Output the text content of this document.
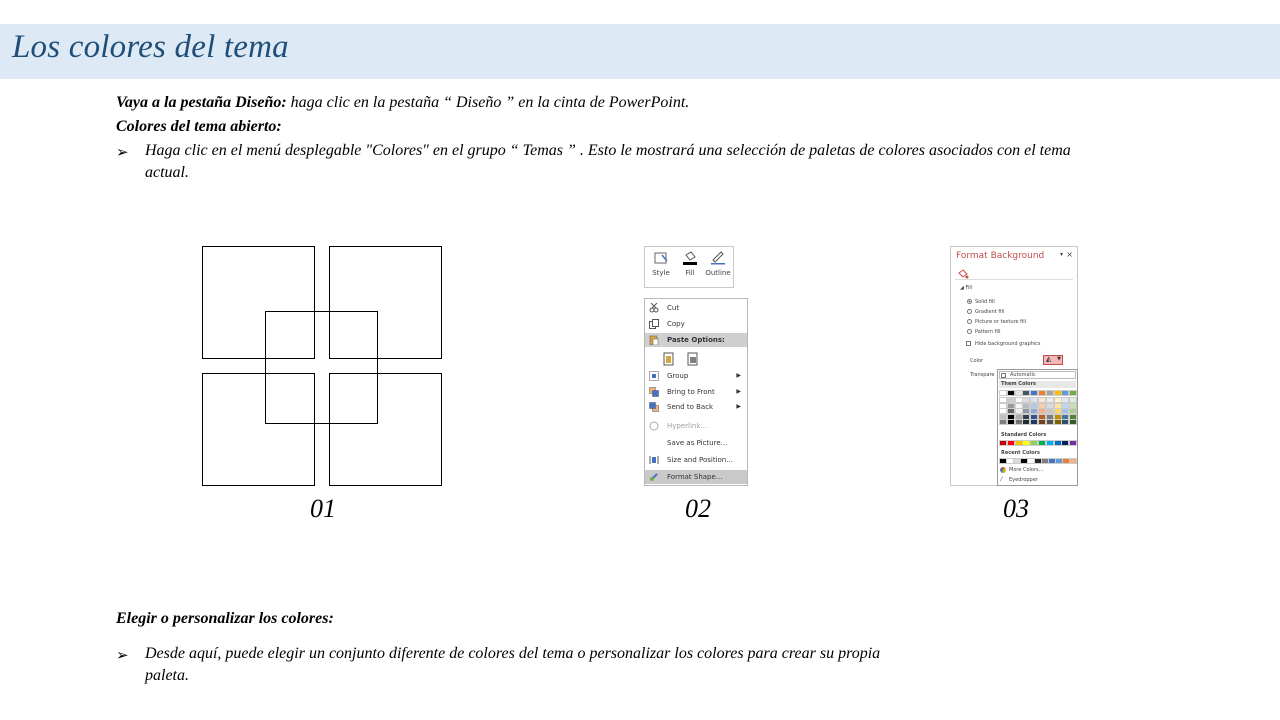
Los colores del tema
Vaya a la pestaña Diseño: haga clic en la pestaña “ Diseño ” en la cinta de PowerPoint.
Colores del tema abierto:
➢ Haga clic en el menú desplegable "Colores" en el grupo “ Temas ” . Esto le mostrará una selección de paletas de colores asociados con el tema
actual.
Style	Fill	Outline
Cut
Copy
Paste Options:
Group	▶
Bring to Front	▶
Send to Back	▶
Hyperlink...
Save as Picture...
Size and Position...
Format Shape...
Format Background	▾ ×
◢ Fill
Solid fill
Gradient fill
Picture or texture fill
Pattern fill
Hide background graphics
Color	◭ ▼
Transpare	Automatic
Them Colors
Standard Colors
Recent Colors
More Colors...
⁄ Eyedropper
01	02	03
Elegir o personalizar los colores:
➢ Desde aquí, puede elegir un conjunto diferente de colores del tema o personalizar los colores para crear su propia
paleta.
